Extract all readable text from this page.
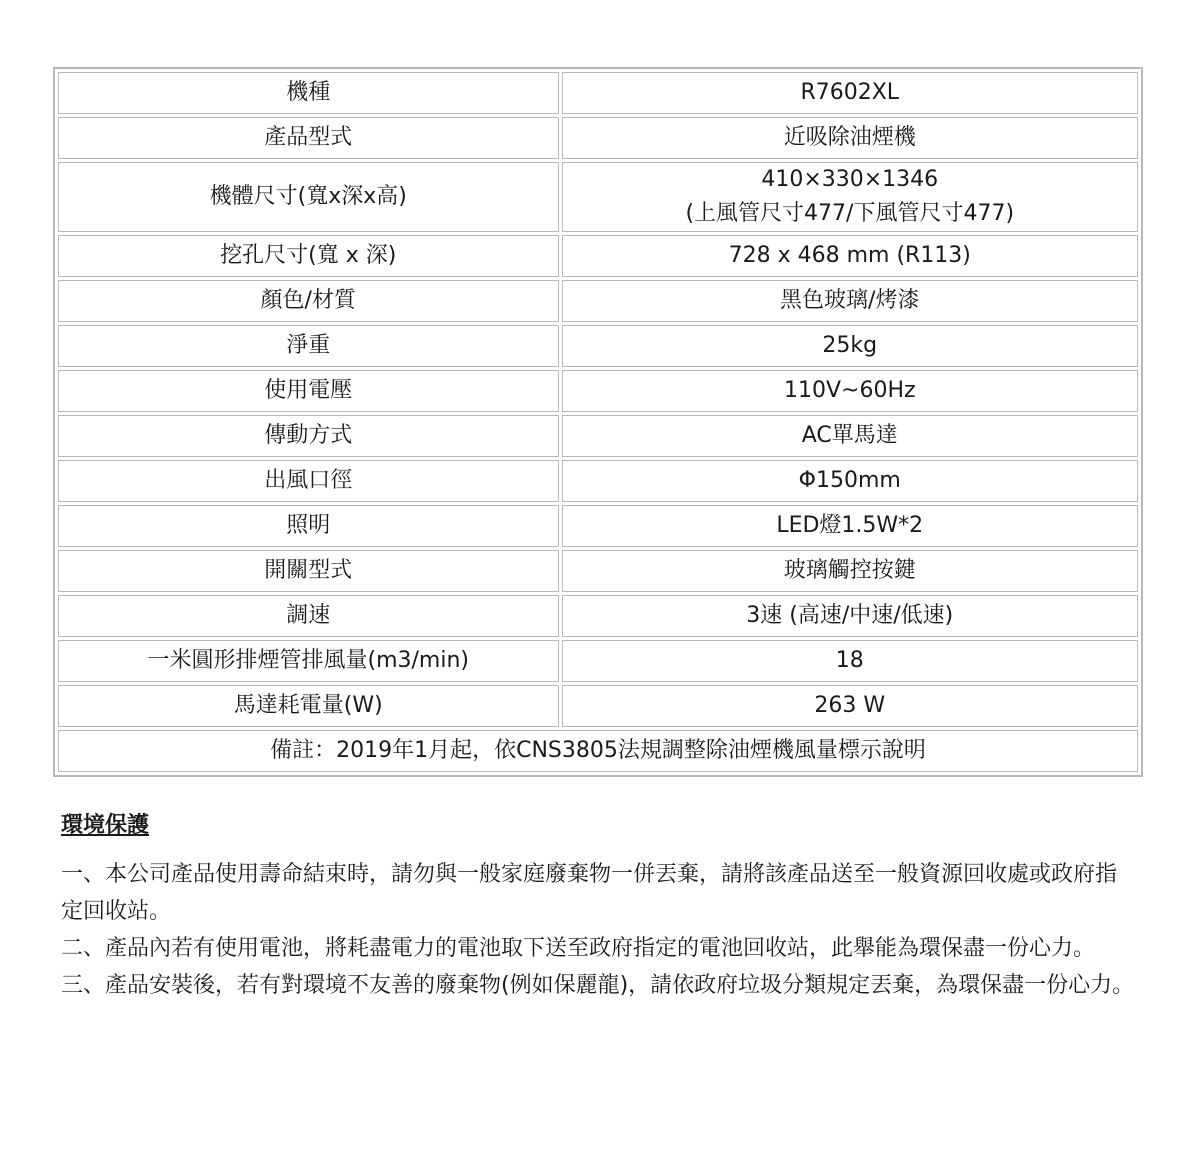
機種	R7602XL
產品型式	近吸除油煙機
機體尺寸(寬x深x高)	410×330×1346
(上風管尺寸477/下風管尺寸477)

挖孔尺寸(寬 x 深)	728 x 468 mm (R113)
顏色/材質	黑色玻璃/烤漆
淨重	25kg
使用電壓	110V~60Hz
傳動方式	AC單馬達
出風口徑	Φ150mm
照明	LED燈1.5W*2
開關型式	玻璃觸控按鍵
調速	3速 (高速/中速/低速)
一米圓形排煙管排風量(m3/min)	18
馬達耗電量(W)	263 W
備註：2019年1月起，依CNS3805法規調整除油煙機風量標示說明	
環境保護

一、本公司產品使用壽命結束時，請勿與一般家庭廢棄物一併丟棄，請將該產品送至一般資源回收處或政府指定回收站。

二、產品內若有使用電池，將耗盡電力的電池取下送至政府指定的電池回收站，此舉能為環保盡一份心力。

三、產品安裝後，若有對環境不友善的廢棄物(例如保麗龍)，請依政府垃圾分類規定丟棄，為環保盡一份心力。
